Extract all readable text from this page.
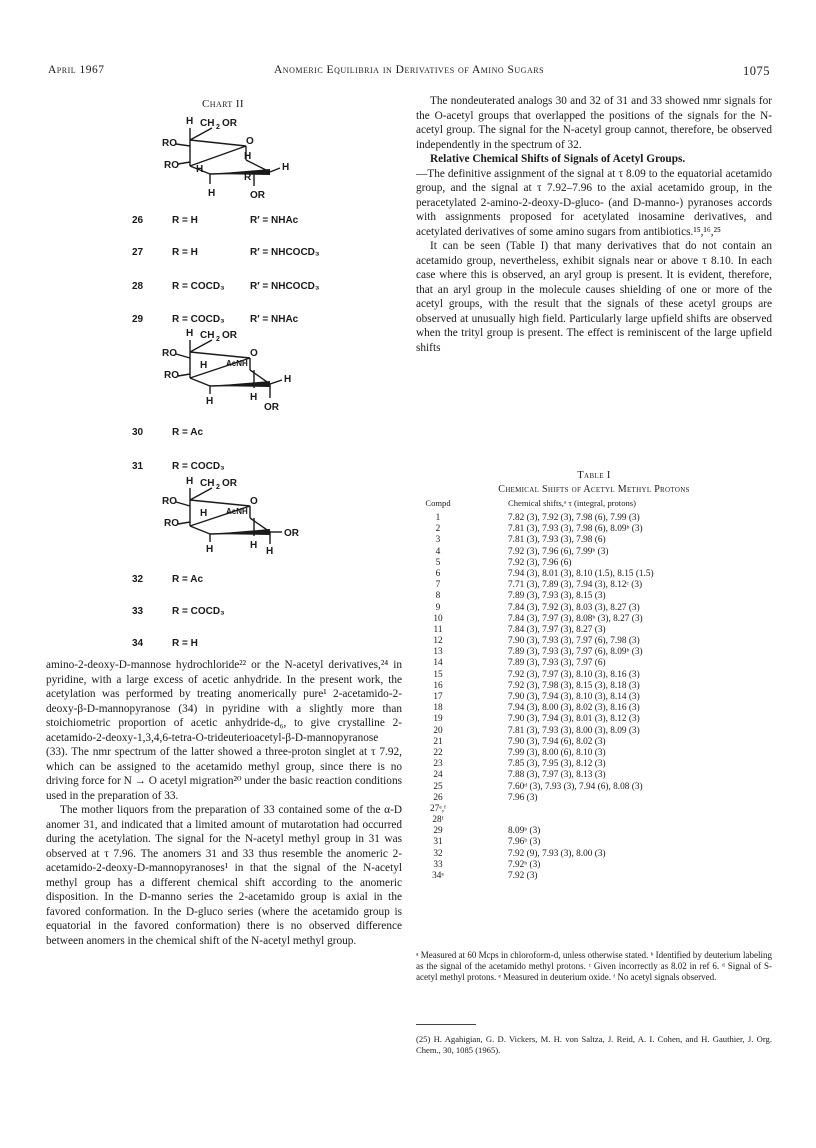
April 1967	Anomeric Equilibria in Derivatives of Amino Sugars	1075
Chart II
H CH 2 OR
RO	O
H
RO H
R '
H
H	OR
26	R = H	R′ = NHAc
27	R = H	R′ = NHCOCD₃
28	R = COCD₃	R′ = NHCOCD₃
29	R = COCD₃	R′ = NHAc
H CH 2 OR
RO	O
H AcNH
RO
H	H
H
OR
30	R = Ac
31	R = COCD₃
H CH 2 OR
RO	O
H AcNH
RO
H	H
OR
H
32	R = Ac
33	R = COCD₃
34	R = H

amino-2-deoxy-D-mannose hydrochloride²² or the N-acetyl derivatives,²⁴ in pyridine, with a large excess of acetic anhydride. In the present work, the acetylation was performed by treating anomerically pure¹ 2-acetamido-2-deoxy-β-D-mannopyranose (34) in pyridine with a slightly more than stoichiometric proportion of acetic anhydride-d₆, to give crystalline 2-acetamido-2-deoxy-1,3,4,6-tetra-O-trideuterioacetyl-β-D-mannopyranose (33). The nmr spectrum of the latter showed a three-proton singlet at τ 7.92, which can be assigned to the acetamido methyl group, since there is no driving force for N → O acetyl migration²⁰ under the basic reaction conditions used in the preparation of 33.

The mother liquors from the preparation of 33 contained some of the α-D anomer 31, and indicated that a limited amount of mutarotation had occurred during the acetylation. The signal for the N-acetyl methyl group in 31 was observed at τ 7.96. The anomers 31 and 33 thus resemble the anomeric 2-acetamido-2-deoxy-D-mannopyranoses¹ in that the signal of the N-acetyl methyl group has a different chemical shift according to the anomeric disposition. In the D-manno series the 2-acetamido group is axial in the favored conformation. In the D-gluco series (where the acetamido group is equatorial in the favored conformation) there is no observed difference between anomers in the chemical shift of the N-acetyl methyl group.

The nondeuterated analogs 30 and 32 of 31 and 33 showed nmr signals for the O-acetyl groups that overlapped the positions of the signals for the N-acetyl group. The signal for the N-acetyl group cannot, therefore, be observed independently in the spectrum of 32.

Relative Chemical Shifts of Signals of Acetyl Groups.

—The definitive assignment of the signal at τ 8.09 to the equatorial acetamido group, and the signal at τ 7.92–7.96 to the axial acetamido group, in the peracetylated 2-amino-2-deoxy-D-gluco- (and D-manno-) pyranoses accords with assignments proposed for acetylated inosamine derivatives, and acetylated derivatives of some amino sugars from antibiotics.¹⁵,¹⁶,²⁵

It can be seen (Table I) that many derivatives that do not contain an acetamido group, nevertheless, exhibit signals near or above τ 8.10. In each case where this is observed, an aryl group is present. It is evident, therefore, that an aryl group in the molecule causes shielding of one or more of the acetyl groups, with the result that the signals of these acetyl groups are observed at unusually high field. Particularly large upfield shifts are observed when the trityl group is present. The effect is reminiscent of the large upfield shifts

Table I
Chemical Shifts of Acetyl Methyl Protons
Compd	Chemical shifts,ᵃ τ (integral, protons)
1	7.82 (3), 7.92 (3), 7.98 (6), 7.99 (3)
2	7.81 (3), 7.93 (3), 7.98 (6), 8.09ᵇ (3)
3	7.81 (3), 7.93 (3), 7.98 (6)
4	7.92 (3), 7.96 (6), 7.99ᵇ (3)
5	7.92 (3), 7.96 (6)
6	7.94 (3), 8.01 (3), 8.10 (1.5), 8.15 (1.5)
7	7.71 (3), 7.89 (3), 7.94 (3), 8.12ᶜ (3)
8	7.89 (3), 7.93 (3), 8.15 (3)
9	7.84 (3), 7.92 (3), 8.03 (3), 8.27 (3)
10	7.84 (3), 7.97 (3), 8.08ᵇ (3), 8.27 (3)
11	7.84 (3), 7.97 (3), 8.27 (3)
12	7.90 (3), 7.93 (3), 7.97 (6), 7.98 (3)
13	7.89 (3), 7.93 (3), 7.97 (6), 8.09ᵇ (3)
14	7.89 (3), 7.93 (3), 7.97 (6)
15	7.92 (3), 7.97 (3), 8.10 (3), 8.16 (3)
16	7.92 (3), 7.98 (3), 8.15 (3), 8.18 (3)
17	7.90 (3), 7.94 (3), 8.10 (3), 8.14 (3)
18	7.94 (3), 8.00 (3), 8.02 (3), 8.16 (3)
19	7.90 (3), 7.94 (3), 8.01 (3), 8.12 (3)
20	7.81 (3), 7.93 (3), 8.00 (3), 8.09 (3)
21	7.90 (3), 7.94 (6), 8.02 (3)
22	7.99 (3), 8.00 (6), 8.10 (3)
23	7.85 (3), 7.95 (3), 8.12 (3)
24	7.88 (3), 7.97 (3), 8.13 (3)
25	7.60ᵈ (3), 7.93 (3), 7.94 (6), 8.08 (3)
26	7.96 (3)
27ᵉ,ᶠ
28ᶠ
29	8.09ᵇ (3)
31	7.96ᵇ (3)
32	7.92 (9), 7.93 (3), 8.00 (3)
33	7.92ᵇ (3)
34ᵉ	7.92 (3)
ᵃ Measured at 60 Mcps in chloroform-d, unless otherwise stated. ᵇ Identified by deuterium labeling as the signal of the acetamido methyl protons. ᶜ Given incorrectly as 8.02 in ref 6. ᵈ Signal of S-acetyl methyl protons. ᵉ Measured in deuterium oxide. ᶠ No acetyl signals observed.
(25) H. Agahigian, G. D. Vickers, M. H. von Saltza, J. Reid, A. I. Cohen, and H. Gauthier, J. Org. Chem., 30, 1085 (1965).
